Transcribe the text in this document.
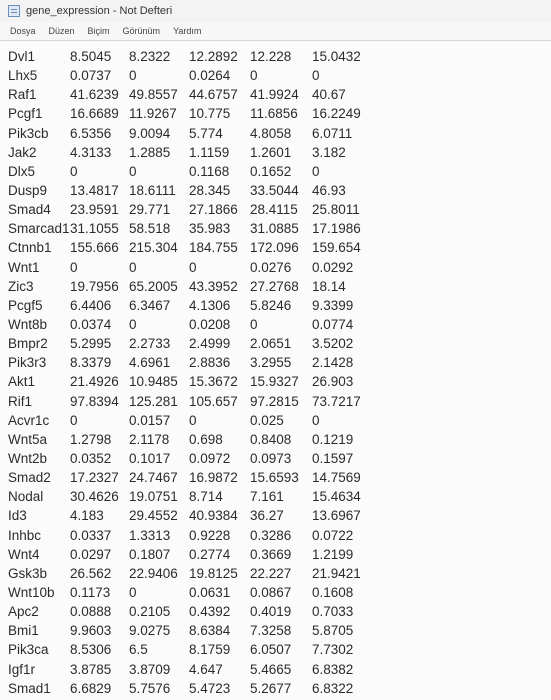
gene_expression - Not Defteri
Dosya Düzen Biçim Görünüm Yardım
Dvl1	8.5045 8.2322 12.2892 12.228 15.0432
Lhx5 0.0737 0	0.0264 0	0
Raf1 41.6239 49.8557 44.6757 41.9924 40.67
Pcgf1 16.6689 11.9267 10.775 11.6856 16.2249
Pik3cb 6.5356 9.0094 5.774 4.8058 6.0711
Jak2 4.3133 1.2885 1.1159 1.2601 3.182
Dlx5	0	0	0.1168 0.1652 0
Dusp9 13.4817 18.6111 28.345 33.5044 46.93
Smad4 23.9591 29.771 27.1866 28.4115 25.8011
Smarcad1 31.1055 58.518 35.983 31.0885 17.1986
Ctnnb1 155.666 215.304 184.755 172.096 159.654
Wnt1 0	0	0	0.0276 0.0292
Zic3	19.7956 65.2005 43.3952 27.2768 18.14
Pcgf5 6.4406 6.3467 4.1306 5.8246 9.3399
Wnt8b 0.0374 0	0.0208 0	0.0774
Bmpr2 5.2995 2.2733 2.4999 2.0651 3.5202
Pik3r3 8.3379 4.6961 2.8836 3.2955 2.1428
Akt1	21.4926 10.9485 15.3672 15.9327 26.903
Rif1	97.8394 125.281 105.657 97.2815 73.7217
Acvr1c 0	0.0157 0	0.025 0
Wnt5a 1.2798 2.1178 0.698 0.8408 0.1219
Wnt2b 0.0352 0.1017 0.0972 0.0973 0.1597
Smad2 17.2327 24.7467 16.9872 15.6593 14.7569
Nodal 30.4626 19.0751 8.714 7.161 15.4634
Id3	4.183 29.4552 40.9384 36.27 13.6967
Inhbc 0.0337 1.3313 0.9228 0.3286 0.0722
Wnt4 0.0297 0.1807 0.2774 0.3669 1.2199
Gsk3b 26.562 22.9406 19.8125 22.227 21.9421
Wnt10b 0.1173 0	0.0631 0.0867 0.1608
Apc2 0.0888 0.2105 0.4392 0.4019 0.7033
Bmi1 9.9603 9.0275 8.6384 7.3258 5.8705
Pik3ca 8.5306 6.5	8.1759 6.0507 7.7302
Igf1r	3.8785 3.8709 4.647 5.4665 6.8382
Smad1 6.6829 5.7576 5.4723 5.2677 6.8322
